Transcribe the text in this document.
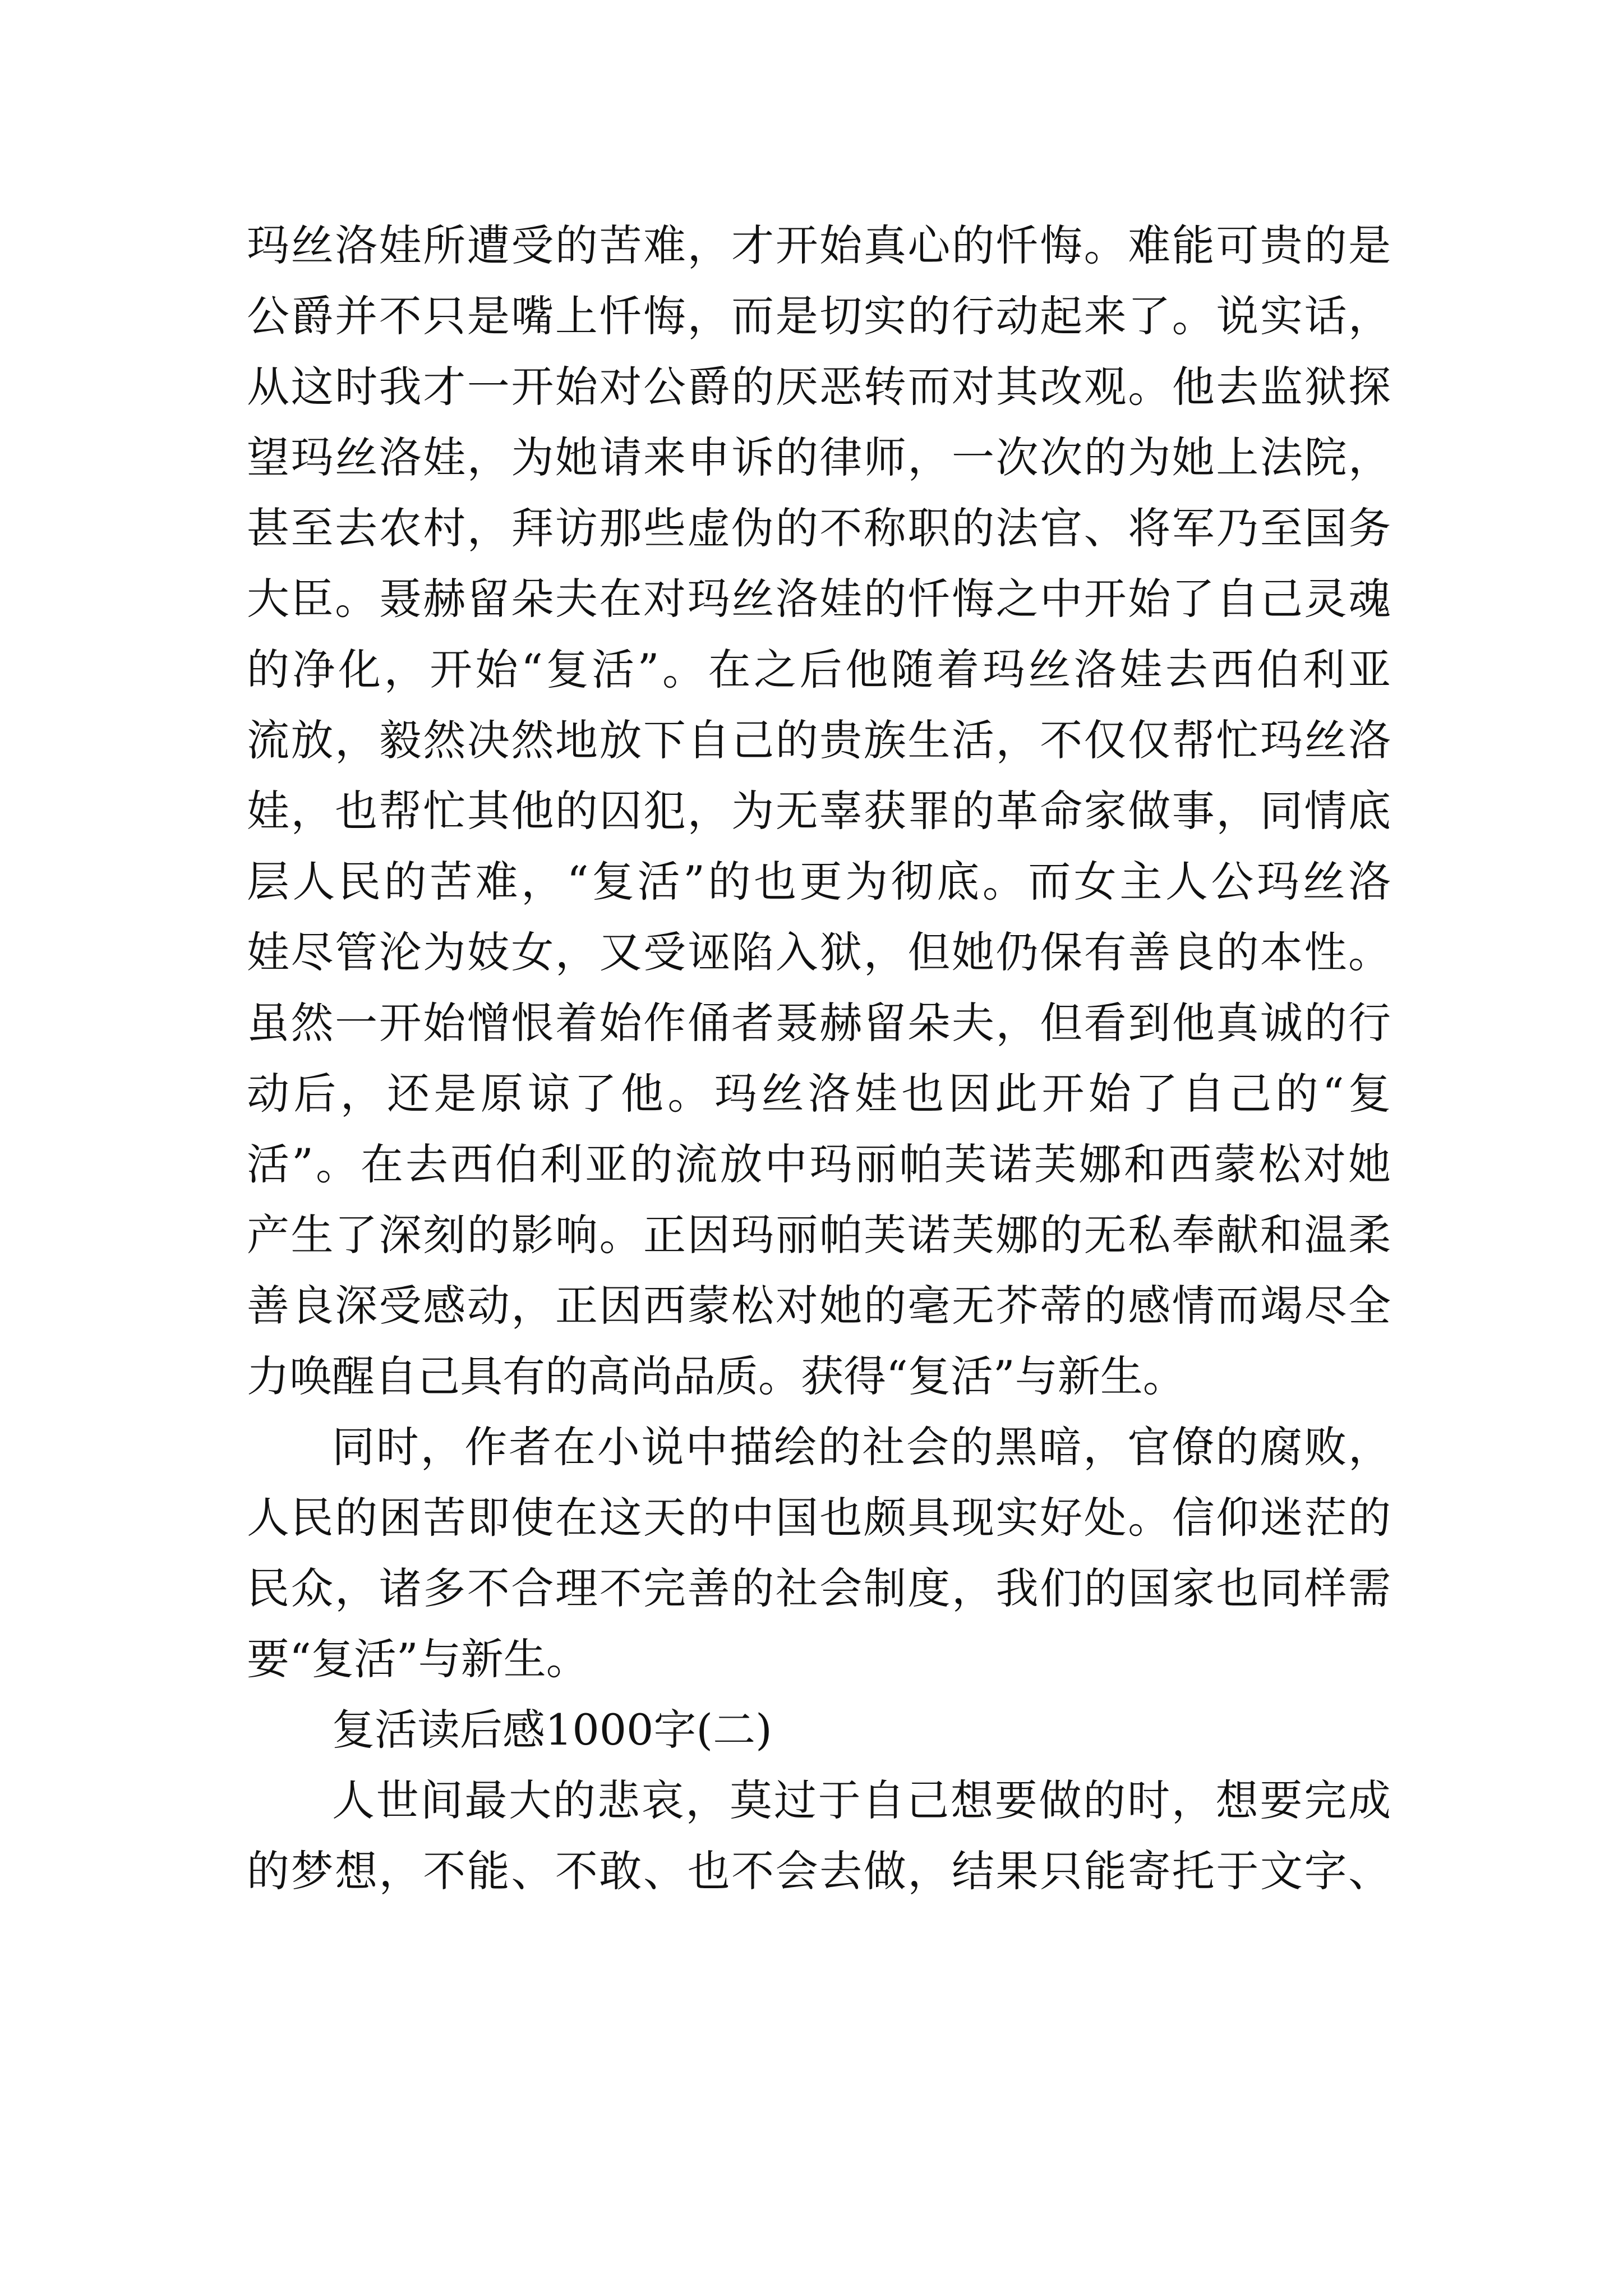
玛丝洛娃所遭受的苦难，才开始真心的忏悔。难能可贵的是
公爵并不只是嘴上忏悔，而是切实的行动起来了。说实话，
从这时我才一开始对公爵的厌恶转而对其改观。他去监狱探
望玛丝洛娃，为她请来申诉的律师，一次次的为她上法院，
甚至去农村，拜访那些虚伪的不称职的法官、将军乃至国务
大臣。聂赫留朵夫在对玛丝洛娃的忏悔之中开始了自己灵魂
的净化，开始“复活”。在之后他随着玛丝洛娃去西伯利亚
流放，毅然决然地放下自己的贵族生活，不仅仅帮忙玛丝洛
娃，也帮忙其他的囚犯，为无辜获罪的革命家做事，同情底
层人民的苦难，“复活”的也更为彻底。而女主人公玛丝洛
娃尽管沦为妓女，又受诬陷入狱，但她仍保有善良的本性。
虽然一开始憎恨着始作俑者聂赫留朵夫，但看到他真诚的行
动后，还是原谅了他。玛丝洛娃也因此开始了自己的“复
活”。在去西伯利亚的流放中玛丽帕芙诺芙娜和西蒙松对她
产生了深刻的影响。正因玛丽帕芙诺芙娜的无私奉献和温柔
善良深受感动，正因西蒙松对她的毫无芥蒂的感情而竭尽全
力唤醒自己具有的高尚品质。获得“复活”与新生。
同时，作者在小说中描绘的社会的黑暗，官僚的腐败，
人民的困苦即使在这天的中国也颇具现实好处。信仰迷茫的
民众，诸多不合理不完善的社会制度，我们的国家也同样需
要“复活”与新生。
复活读后感1000字(二)
人世间最大的悲哀，莫过于自己想要做的时，想要完成
的梦想，不能、不敢、也不会去做，结果只能寄托于文字、
